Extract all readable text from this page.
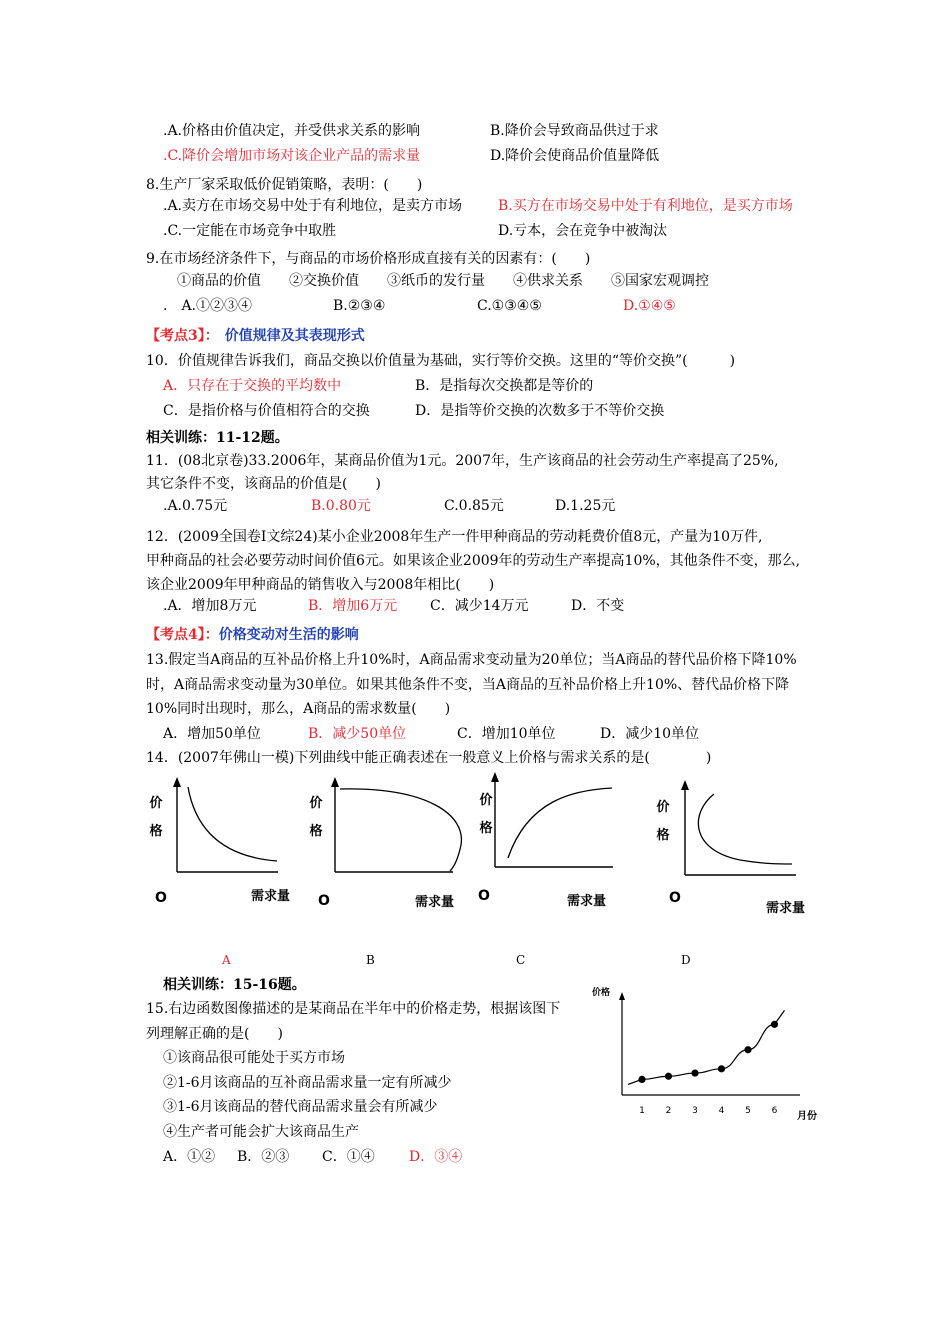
.A.价格由价值决定，并受供求关系的影响	B.降价会导致商品供过于求
.C.降价会增加市场对该企业产品的需求量	D.降价会使商品价值量降低
8.生产厂家采取低价促销策略，表明：(　　)
.A.卖方在市场交易中处于有利地位，是卖方市场	B.买方在市场交易中处于有利地位，是买方市场
.C.一定能在市场竞争中取胜	D.亏本，会在竞争中被淘汰
9.在市场经济条件下，与商品的市场价格形成直接有关的因素有：(　　)
　①商品的价值　　②交换价值　　③纸币的发行量　　④供求关系　　⑤国家宏观调控
.　A.①②③④	B.②③④	C.①③④⑤	D.①④⑤
【考点3】： 价值规律及其表现形式
10．价值规律告诉我们，商品交换以价值量为基础，实行等价交换。这里的“等价交换”(　　　)
A．只存在于交换的平均数中	B．是指每次交换都是等价的
C．是指价格与价值相符合的交换	D．是指等价交换的次数多于不等价交换
相关训练：11-12题。
11．(08北京卷)33.2006年，某商品价值为1元。2007年，生产该商品的社会劳动生产率提高了25%,
其它条件不变，该商品的价值是(　　)
.A.0.75元	B.0.80元	C.0.85元	D.1.25元
12．(2009全国卷Ⅰ文综24)某小企业2008年生产一件甲种商品的劳动耗费价值8元，产量为10万件,
甲种商品的社会必要劳动时间价值6元。如果该企业2009年的劳动生产率提高10%，其他条件不变，那么,
该企业2009年甲种商品的销售收入与2008年相比(　　)
.A．增加8万元	B．增加6万元 C．减少14万元	D．不变
【考点4】：价格变动对生活的影响
13.假定当A商品的互补品价格上升10%时，A商品需求变动量为20单位；当A商品的替代品价格下降10%
时，A商品需求变动量为30单位。如果其他条件不变，当A商品的互补品价格上升10%、替代品价格下降
10%同时出现时，那么，A商品的需求数量(　　)
A．增加50单位	B．减少50单位	C．增加10单位	D．减少10单位
14．(2007年佛山一模)下列曲线中能正确表述在一般意义上价格与需求关系的是(　　　　)
价格
O	需求量
A
价格
O	需求量
B
价格
O	需求量
C
价格
O
需求量
D
相关训练：15-16题。
15.右边函数图像描述的是某商品在半年中的价格走势，根据该图下
列理解正确的是(　　)
①该商品很可能处于买方市场
②1-6月该商品的互补商品需求量一定有所减少
③1-6月该商品的替代商品需求量会有所减少
④生产者可能会扩大该商品生产
A．①② B．②③ C．①④ D．③④
价格
1 2 3 4 5 6 月份
